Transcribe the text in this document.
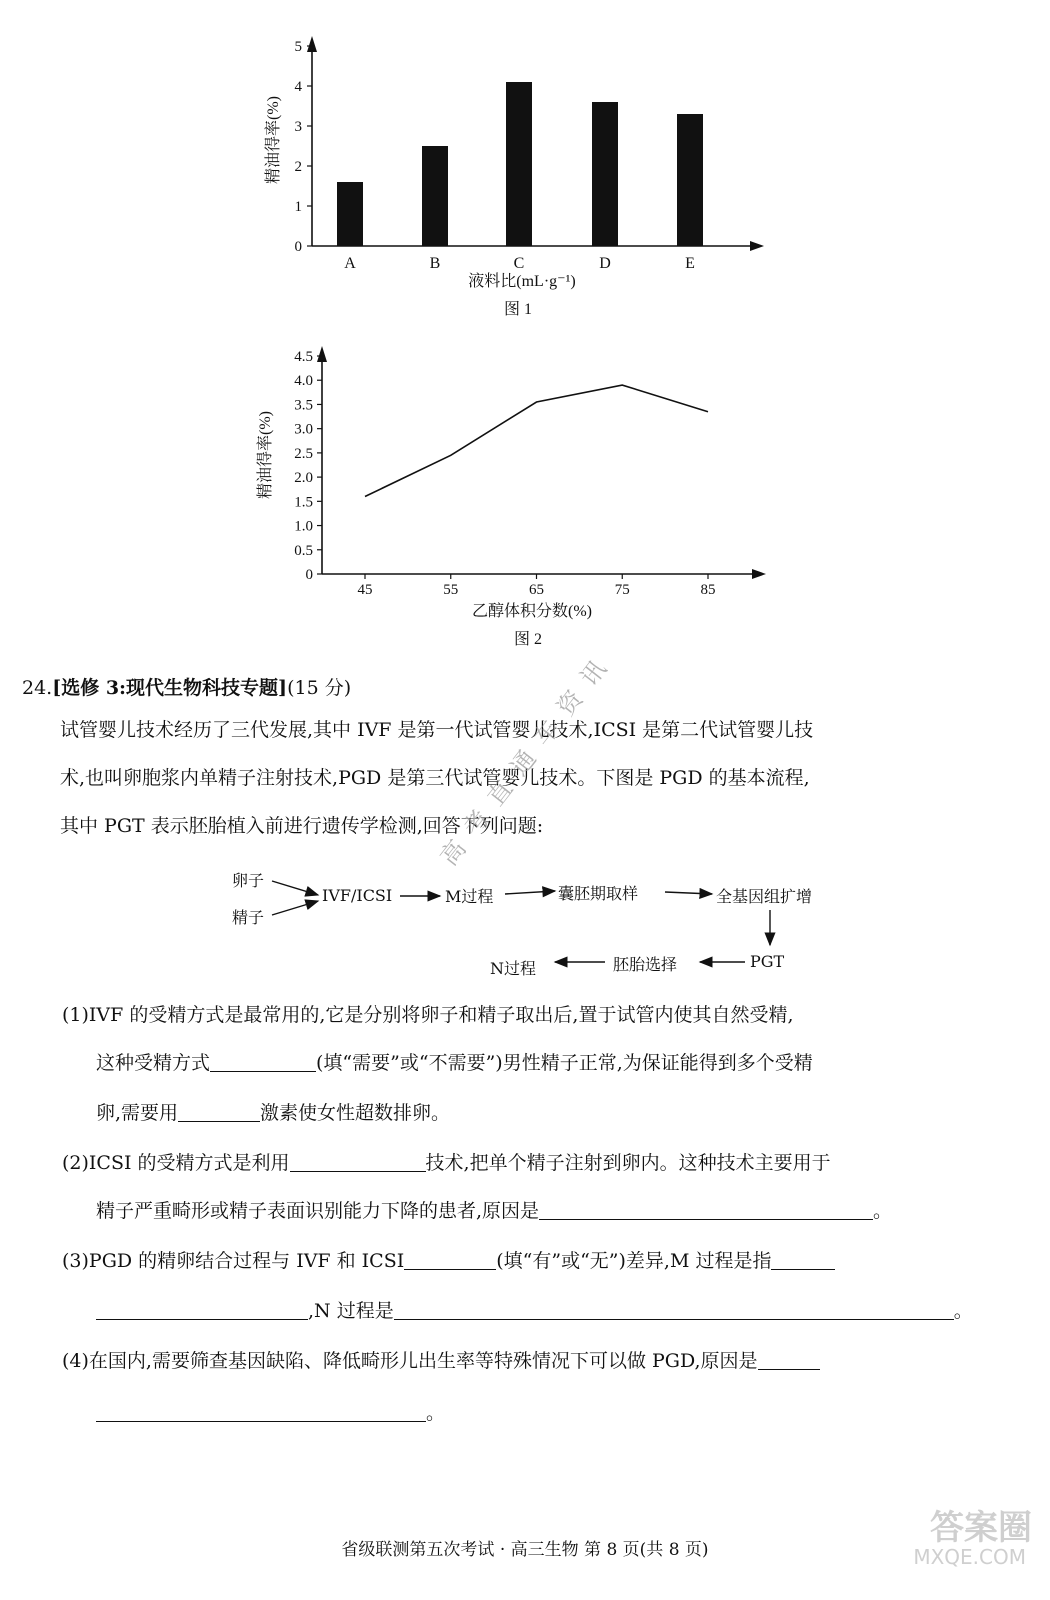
0
1
2
3
4
5
A	B	C	D	E
精油得率(%)
液料比(mL·g⁻¹)
图 1
0
0.5
1.0
1.5
2.0
2.5
3.0
3.5
4.0
4.5
45	55	65	75	85
精油得率(%)
乙醇体积分数(%)
图 2
24.[选修 3:现代生物科技专题](15 分)
试管婴儿技术经历了三代发展,其中 IVF 是第一代试管婴儿技术,ICSI 是第二代试管婴儿技
术,也叫卵胞浆内单精子注射技术,PGD 是第三代试管婴儿技术。下图是 PGD 的基本流程,
其中 PGT 表示胚胎植入前进行遗传学检测,回答下列问题:
卵子
精子
IVF/ICSI	M过程	囊胚期取样	全基因组扩增
PGT
胚胎选择
N过程
(1)IVF 的受精方式是最常用的,它是分别将卵子和精子取出后,置于试管内使其自然受精,
这种受精方式	(填“需要”或“不需要”)男性精子正常,为保证能得到多个受精
卵,需要用	激素使女性超数排卵。
(2)ICSI 的受精方式是利用	技术,把单个精子注射到卵内。这种技术主要用于
精子严重畸形或精子表面识别能力下降的患者,原因是	。
(3)PGD 的精卵结合过程与 IVF 和 ICSI	(填“有”或“无”)差异,M 过程是指
,N 过程是	。
(4)在国内,需要筛查基因缺陷、降低畸形儿出生率等特殊情况下可以做 PGD,原因是
。
高考直通车资讯
省级联测第五次考试 · 高三生物 第 8 页(共 8 页)
答案圈
MXQE.COM
